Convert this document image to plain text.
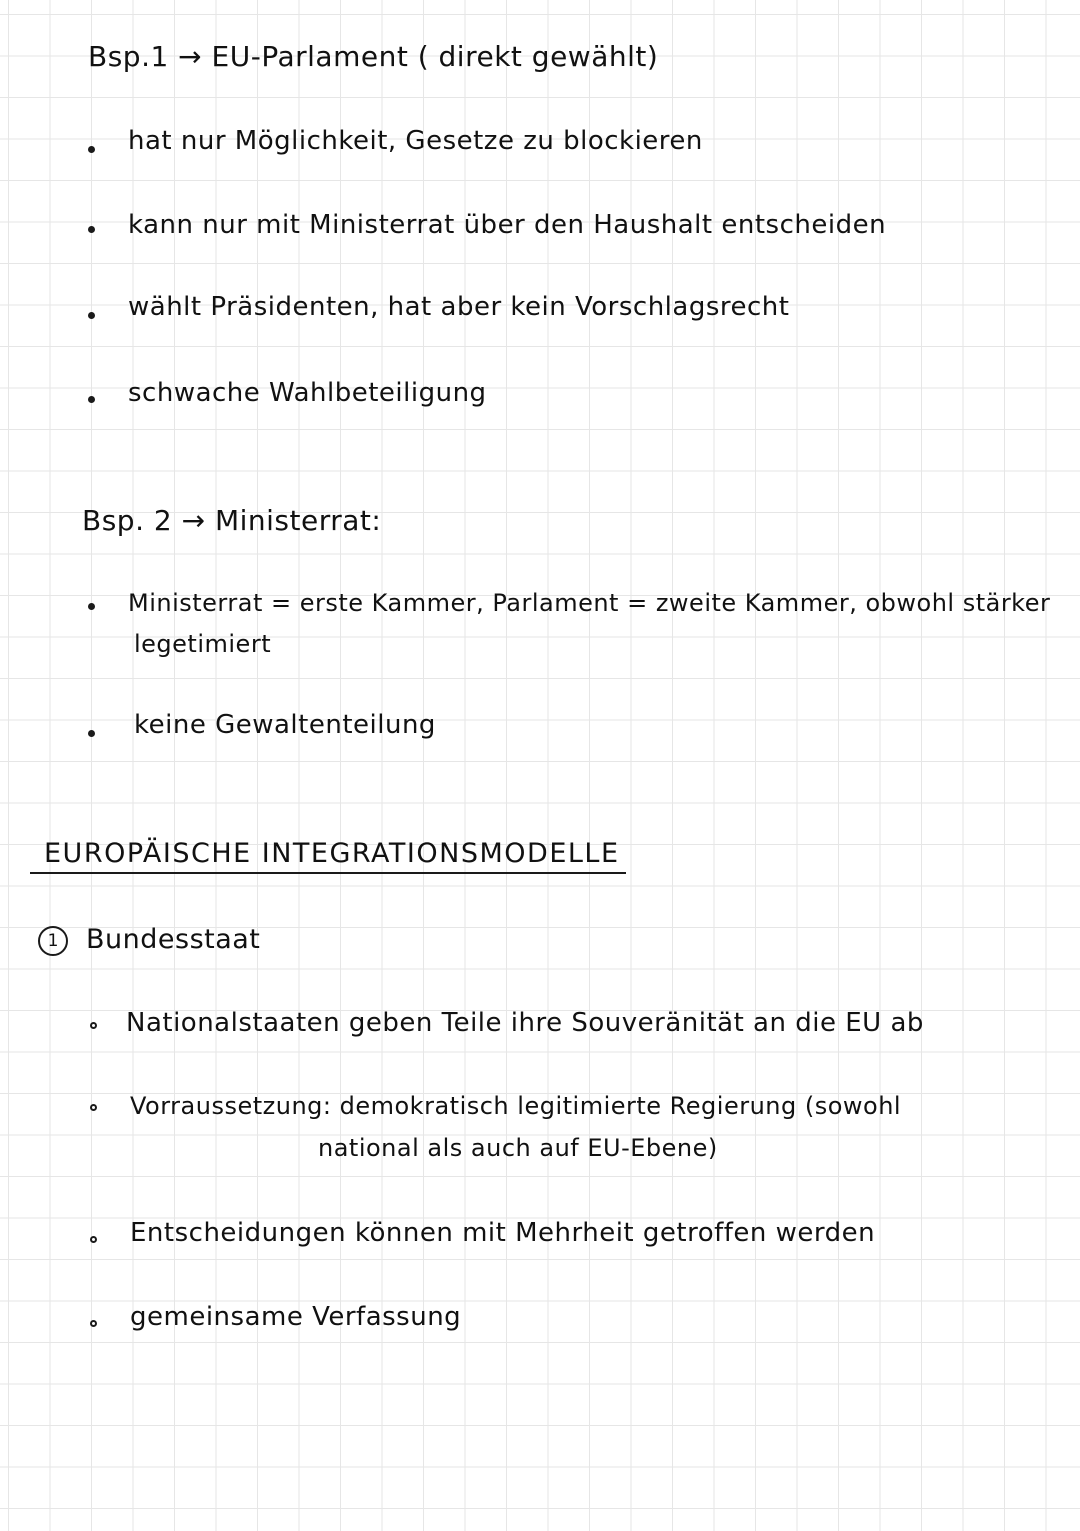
Bsp.1 → EU-Parlament ( direkt gewählt)
hat nur Möglichkeit, Gesetze zu blockieren
kann nur mit Ministerrat über den Haushalt entscheiden
wählt Präsidenten, hat aber kein Vorschlagsrecht
schwache Wahlbeteiligung
Bsp. 2 → Ministerrat:
Ministerrat = erste Kammer, Parlament = zweite Kammer, obwohl stärker
legetimiert
keine Gewaltenteilung
EUROPÄISCHE INTEGRATIONSMODELLE
1	Bundesstaat
Nationalstaaten geben Teile ihre Souveränität an die EU ab
Vorraussetzung: demokratisch legitimierte Regierung (sowohl
national als auch auf EU-Ebene)
Entscheidungen können mit Mehrheit getroffen werden
gemeinsame Verfassung
